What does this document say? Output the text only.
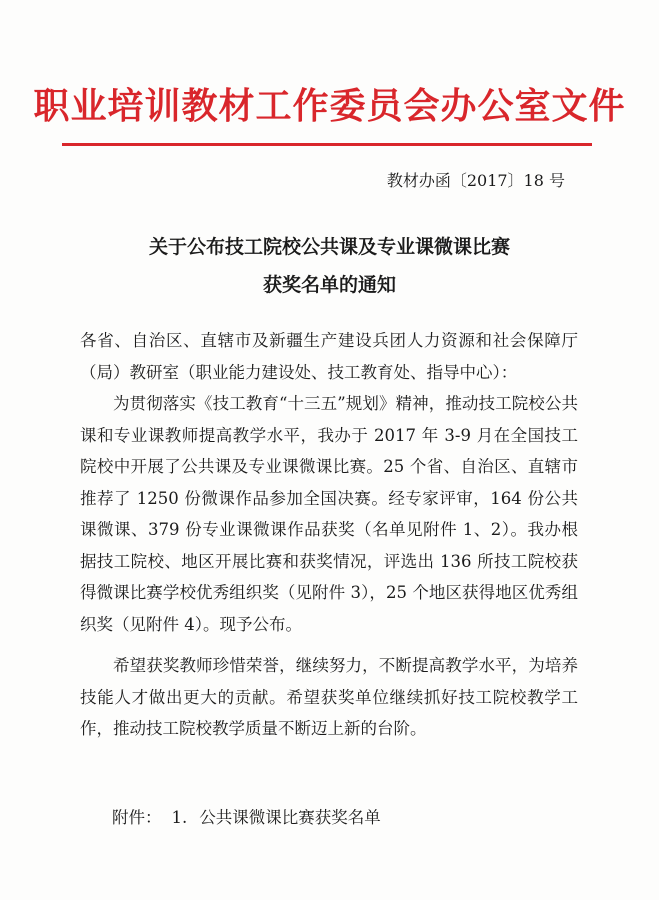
职业培训教材工作委员会办公室文件
教材办函〔2017〕18 号
关于公布技工院校公共课及专业课微课比赛
获奖名单的通知

各省、自治区、直辖市及新疆生产建设兵团人力资源和社会保障厅（局）教研室（职业能力建设处、技工教育处、指导中心）：

为贯彻落实《技工教育“十三五”规划》精神，推动技工院校公共课和专业课教师提高教学水平，我办于 2017 年 3-9 月在全国技工院校中开展了公共课及专业课微课比赛。25 个省、自治区、直辖市推荐了 1250 份微课作品参加全国决赛。经专家评审，164 份公共课微课、379 份专业课微课作品获奖（名单见附件 1、2）。我办根据技工院校、地区开展比赛和获奖情况，评选出 136 所技工院校获得微课比赛学校优秀组织奖（见附件 3），25 个地区获得地区优秀组织奖（见附件 4）。现予公布。

希望获奖教师珍惜荣誉，继续努力，不断提高教学水平，为培养技能人才做出更大的贡献。希望获奖单位继续抓好技工院校教学工作，推动技工院校教学质量不断迈上新的台阶。

附件： 1. 公共课微课比赛获奖名单
